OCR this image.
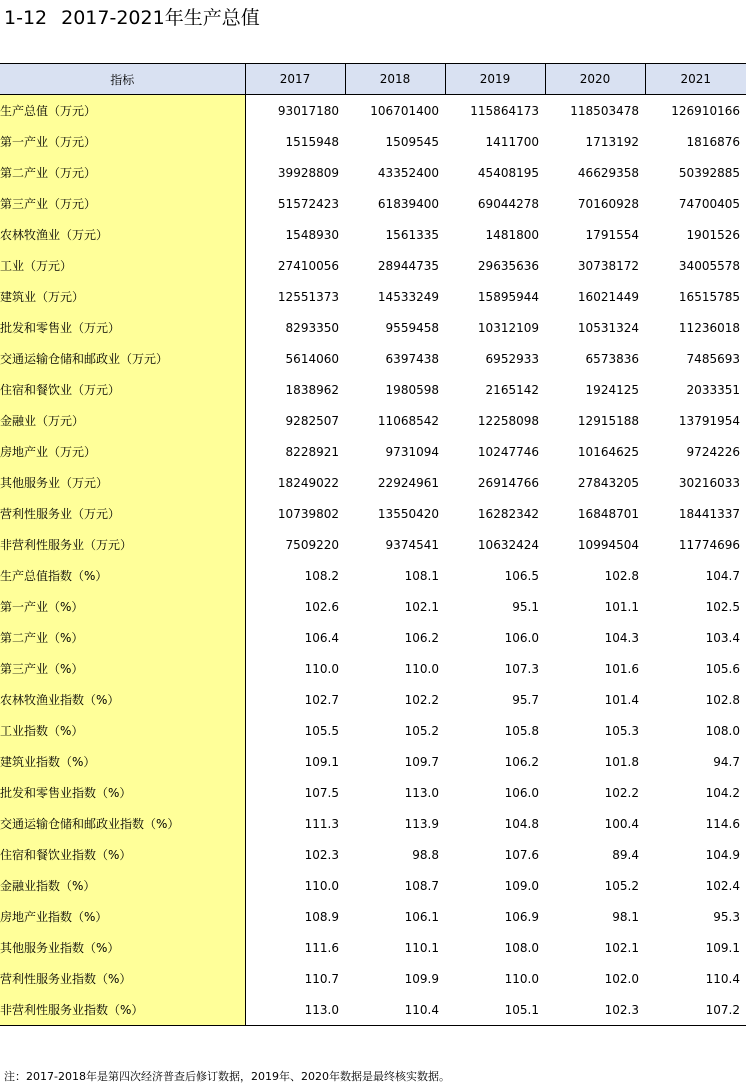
1-12 2017-2021年生产总值
指标	2017	2018	2019	2020	2021
生产总值（万元）	93017180	106701400	115864173	118503478	126910166
第一产业（万元）	1515948	1509545	1411700	1713192	1816876
第二产业（万元）	39928809	43352400	45408195	46629358	50392885
第三产业（万元）	51572423	61839400	69044278	70160928	74700405
农林牧渔业（万元）	1548930	1561335	1481800	1791554	1901526
工业（万元）	27410056	28944735	29635636	30738172	34005578
建筑业（万元）	12551373	14533249	15895944	16021449	16515785
批发和零售业（万元）	8293350	9559458	10312109	10531324	11236018
交通运输仓储和邮政业（万元）	5614060	6397438	6952933	6573836	7485693
住宿和餐饮业（万元）	1838962	1980598	2165142	1924125	2033351
金融业（万元）	9282507	11068542	12258098	12915188	13791954
房地产业（万元）	8228921	9731094	10247746	10164625	9724226
其他服务业（万元）	18249022	22924961	26914766	27843205	30216033
营利性服务业（万元）	10739802	13550420	16282342	16848701	18441337
非营利性服务业（万元）	7509220	9374541	10632424	10994504	11774696
生产总值指数（%）	108.2	108.1	106.5	102.8	104.7
第一产业（%）	102.6	102.1	95.1	101.1	102.5
第二产业（%）	106.4	106.2	106.0	104.3	103.4
第三产业（%）	110.0	110.0	107.3	101.6	105.6
农林牧渔业指数（%）	102.7	102.2	95.7	101.4	102.8
工业指数（%）	105.5	105.2	105.8	105.3	108.0
建筑业指数（%）	109.1	109.7	106.2	101.8	94.7
批发和零售业指数（%）	107.5	113.0	106.0	102.2	104.2
交通运输仓储和邮政业指数（%）	111.3	113.9	104.8	100.4	114.6
住宿和餐饮业指数（%）	102.3	98.8	107.6	89.4	104.9
金融业指数（%）	110.0	108.7	109.0	105.2	102.4
房地产业指数（%）	108.9	106.1	106.9	98.1	95.3
其他服务业指数（%）	111.6	110.1	108.0	102.1	109.1
营利性服务业指数（%）	110.7	109.9	110.0	102.0	110.4
非营利性服务业指数（%）	113.0	110.4	105.1	102.3	107.2
注：2017-2018年是第四次经济普查后修订数据，2019年、2020年数据是最终核实数据。
